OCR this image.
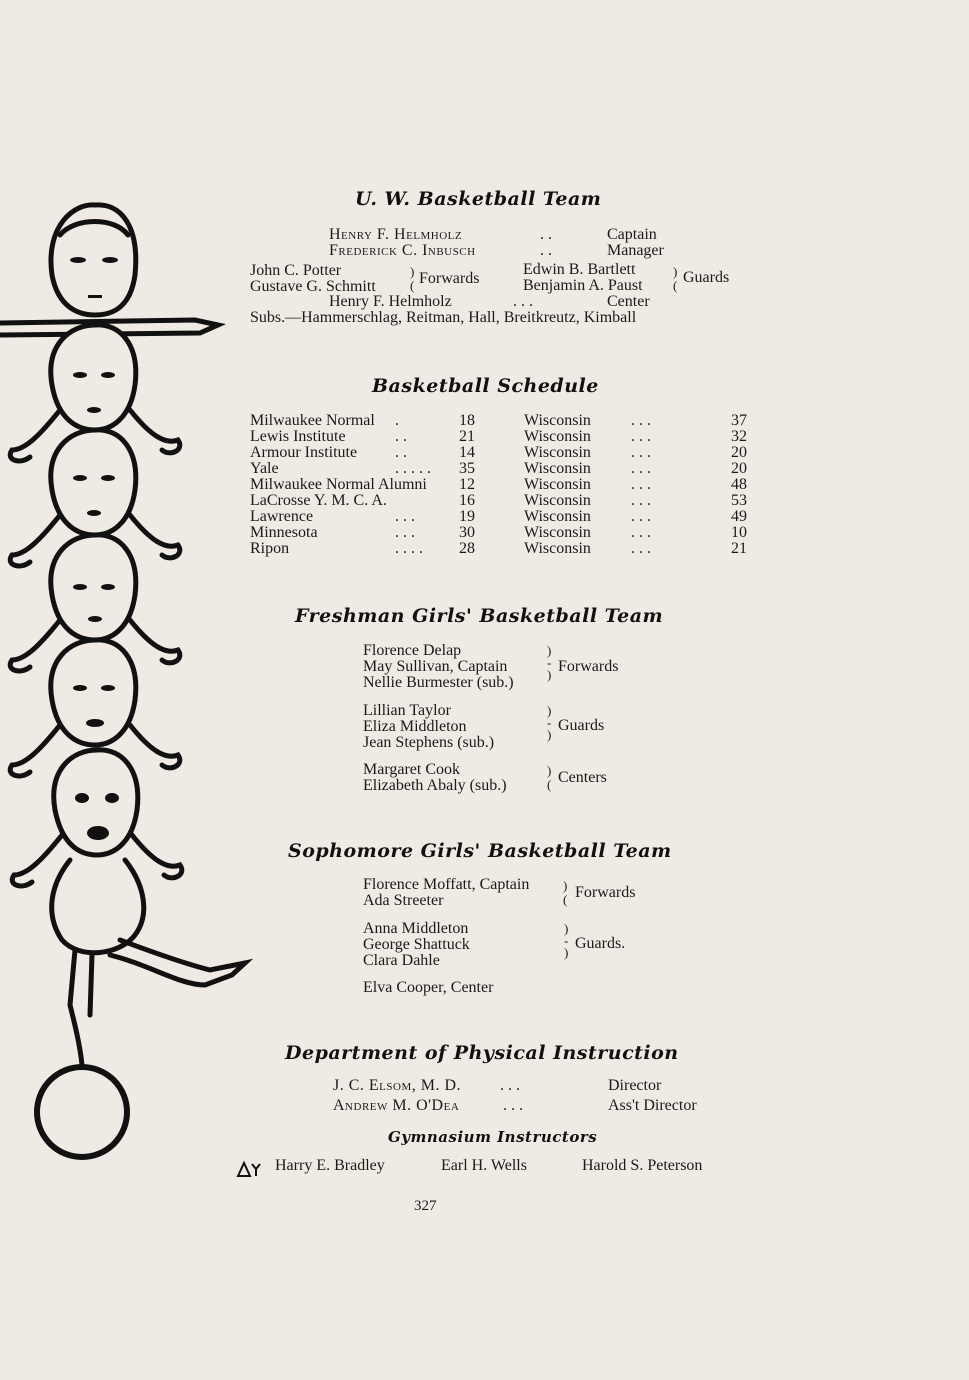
U. W. Basketball Team
Henry F. Helmholz	. .	Captain
Frederick C. Inbusch	. .	Manager
John C. Potter
Gustave G. Schmitt
)
( Forwards
Edwin B. Bartlett
Benjamin A. Paust
)
( Guards
Henry F. Helmholz	. . .	Center
Subs.—Hammerschlag, Reitman, Hall, Breitkreutz, Kimball
Basketball Schedule
Milwaukee Normal .	18	Wisconsin	. . .	37
Lewis Institute	. .	21	Wisconsin	. . .	32
Armour Institute . .	14	Wisconsin	. . .	20
Yale	. . . . . 35	Wisconsin	. . .	20
Milwaukee Normal Alumni 12	Wisconsin	. . .	48
LaCrosse Y. M. C. A.	16	Wisconsin	. . .	53
Lawrence	. . .	19	Wisconsin	. . .	49
Minnesota	. . .	30	Wisconsin	. . .	10
Ripon	. . . . 28	Wisconsin	. . .	21
Freshman Girls' Basketball Team
Florence Delap
May Sullivan, Captain
Nellie Burmester (sub.)
)
-
) Forwards
Lillian Taylor
Eliza Middleton
Jean Stephens (sub.)
)
-
)
Guards
Margaret Cook
Elizabeth Abaly (sub.)
)
( Centers
Sophomore Girls' Basketball Team
Florence Moffatt, Captain
Ada Streeter
)
( Forwards
Anna Middleton
George Shattuck
Clara Dahle
)
-
)
Guards.
Elva Cooper, Center
Department of Physical Instruction
J. C. Elsom, M. D. . . .	Director
Andrew M. O'Dea	. . .	Ass't Director
Gymnasium Instructors
Harry E. Bradley	Earl H. Wells	Harold S. Peterson
327
